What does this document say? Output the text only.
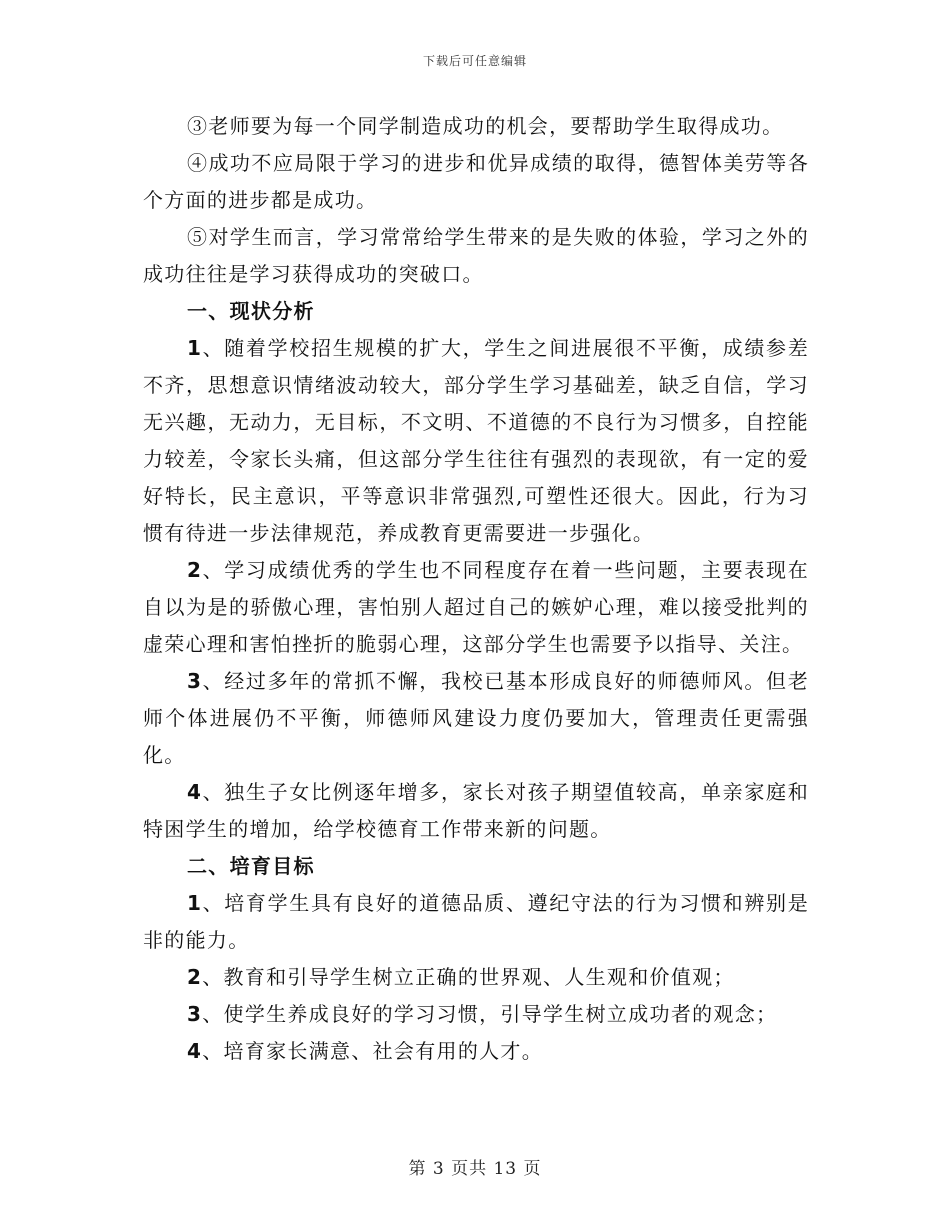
下载后可任意编辑

③老师要为每一个同学制造成功的机会，要帮助学生取得成功。

④成功不应局限于学习的进步和优异成绩的取得，德智体美劳等各个方面的进步都是成功。

⑤对学生而言，学习常常给学生带来的是失败的体验，学习之外的成功往往是学习获得成功的突破口。

一、现状分析

1、随着学校招生规模的扩大，学生之间进展很不平衡，成绩参差不齐，思想意识情绪波动较大，部分学生学习基础差，缺乏自信，学习无兴趣，无动力，无目标，不文明、不道德的不良行为习惯多，自控能力较差，令家长头痛，但这部分学生往往有强烈的表现欲，有一定的爱好特长，民主意识，平等意识非常强烈,可塑性还很大。因此，行为习惯有待进一步法律规范，养成教育更需要进一步强化。

2、学习成绩优秀的学生也不同程度存在着一些问题，主要表现在自以为是的骄傲心理，害怕别人超过自己的嫉妒心理，难以接受批判的虚荣心理和害怕挫折的脆弱心理，这部分学生也需要予以指导、关注。

3、经过多年的常抓不懈，我校已基本形成良好的师德师风。但老师个体进展仍不平衡，师德师风建设力度仍要加大，管理责任更需强化。

4、独生子女比例逐年增多，家长对孩子期望值较高，单亲家庭和特困学生的增加，给学校德育工作带来新的问题。

二、培育目标

1、培育学生具有良好的道德品质、遵纪守法的行为习惯和辨别是非的能力。

2、教育和引导学生树立正确的世界观、人生观和价值观；

3、使学生养成良好的学习习惯，引导学生树立成功者的观念；

4、培育家长满意、社会有用的人才。

第 3 页共 13 页
